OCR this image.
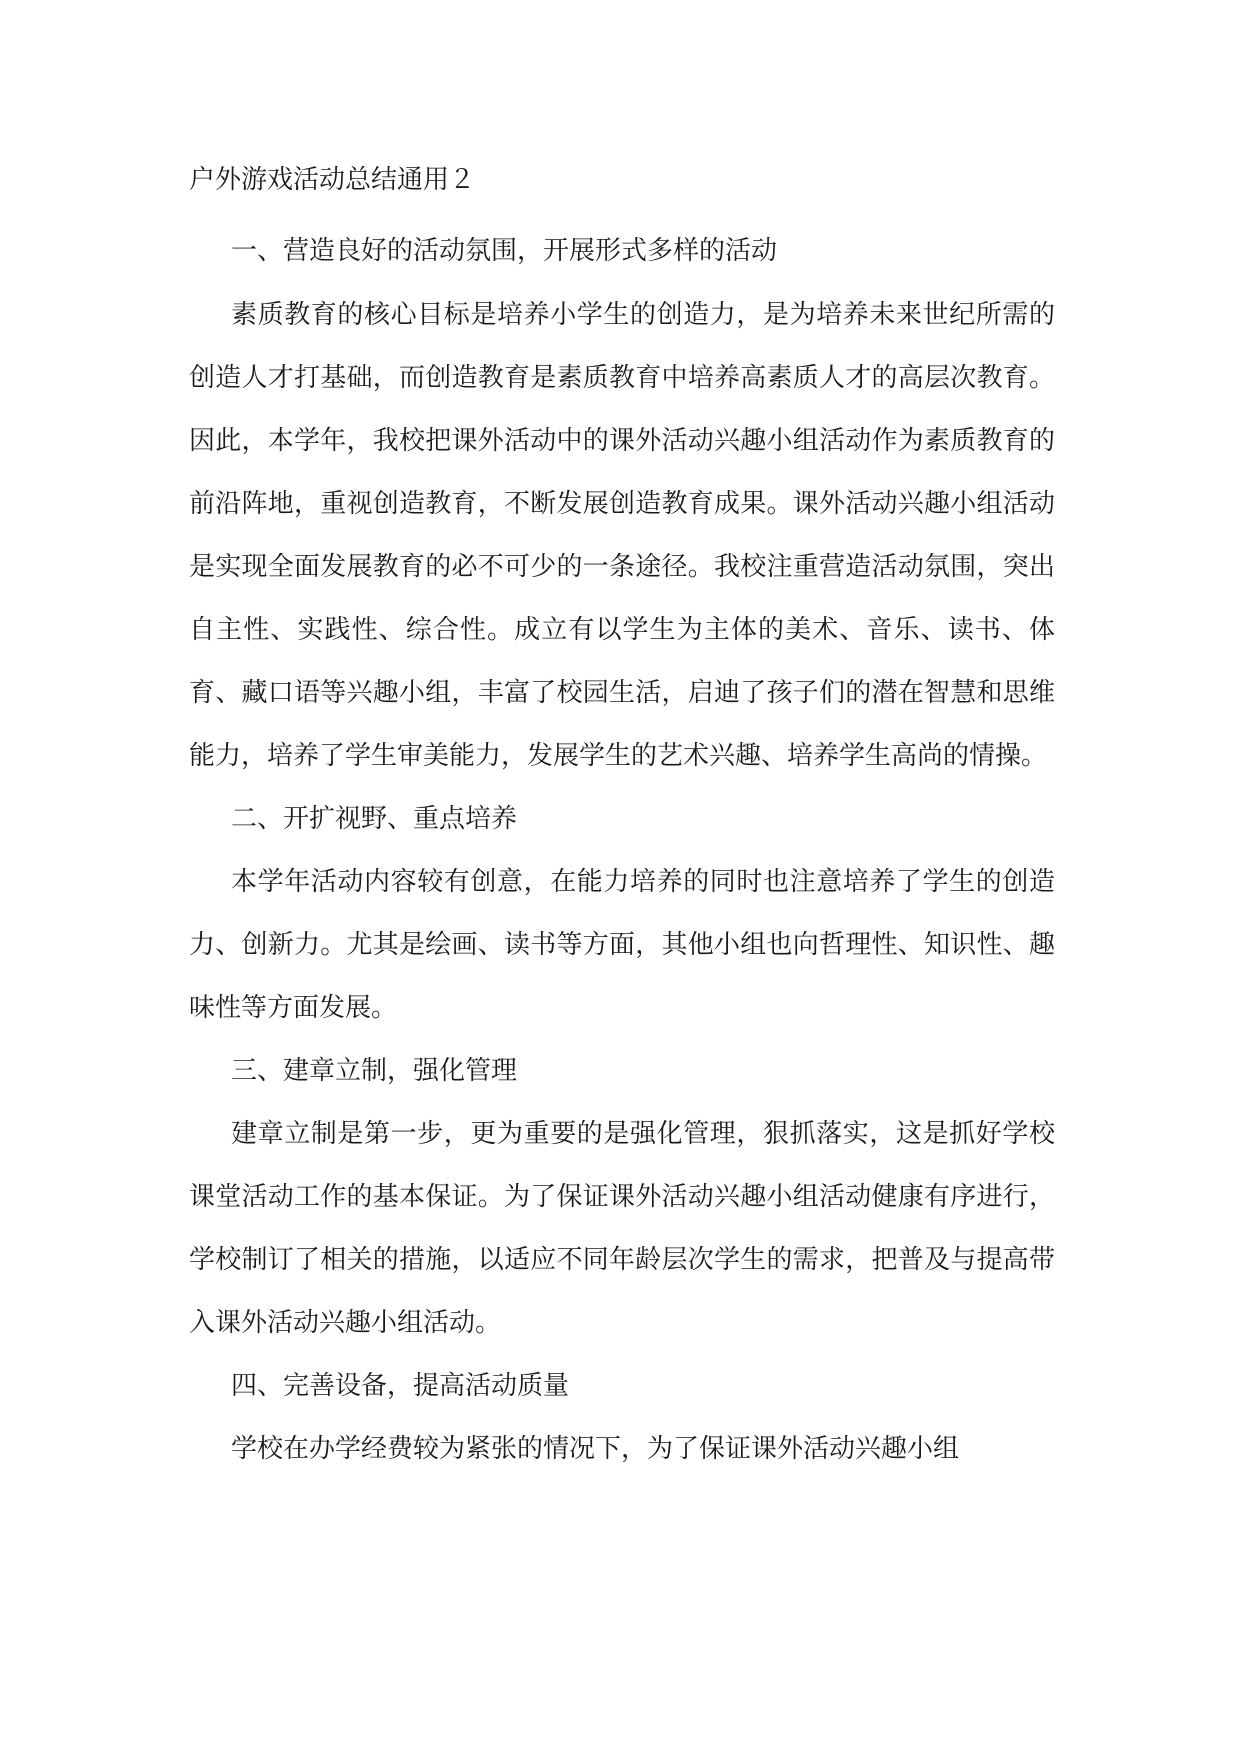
户外游戏活动总结通用２

一、营造良好的活动氛围，开展形式多样的活动

素质教育的核心目标是培养小学生的创造力，是为培养未来世纪所需的创造人才打基础，而创造教育是素质教育中培养高素质人才的高层次教育。因此，本学年，我校把课外活动中的课外活动兴趣小组活动作为素质教育的前沿阵地，重视创造教育，不断发展创造教育成果。课外活动兴趣小组活动是实现全面发展教育的必不可少的一条途径。我校注重营造活动氛围，突出自主性、实践性、综合性。成立有以学生为主体的美术、音乐、读书、体育、藏口语等兴趣小组，丰富了校园生活，启迪了孩子们的潜在智慧和思维能力，培养了学生审美能力，发展学生的艺术兴趣、培养学生高尚的情操。

二、开扩视野、重点培养

本学年活动内容较有创意，在能力培养的同时也注意培养了学生的创造力、创新力。尤其是绘画、读书等方面，其他小组也向哲理性、知识性、趣味性等方面发展。

三、建章立制，强化管理

建章立制是第一步，更为重要的是强化管理，狠抓落实，这是抓好学校课堂活动工作的基本保证。为了保证课外活动兴趣小组活动健康有序进行，学校制订了相关的措施，以适应不同年龄层次学生的需求，把普及与提高带入课外活动兴趣小组活动。

四、完善设备，提高活动质量

学校在办学经费较为紧张的情况下，为了保证课外活动兴趣小组
